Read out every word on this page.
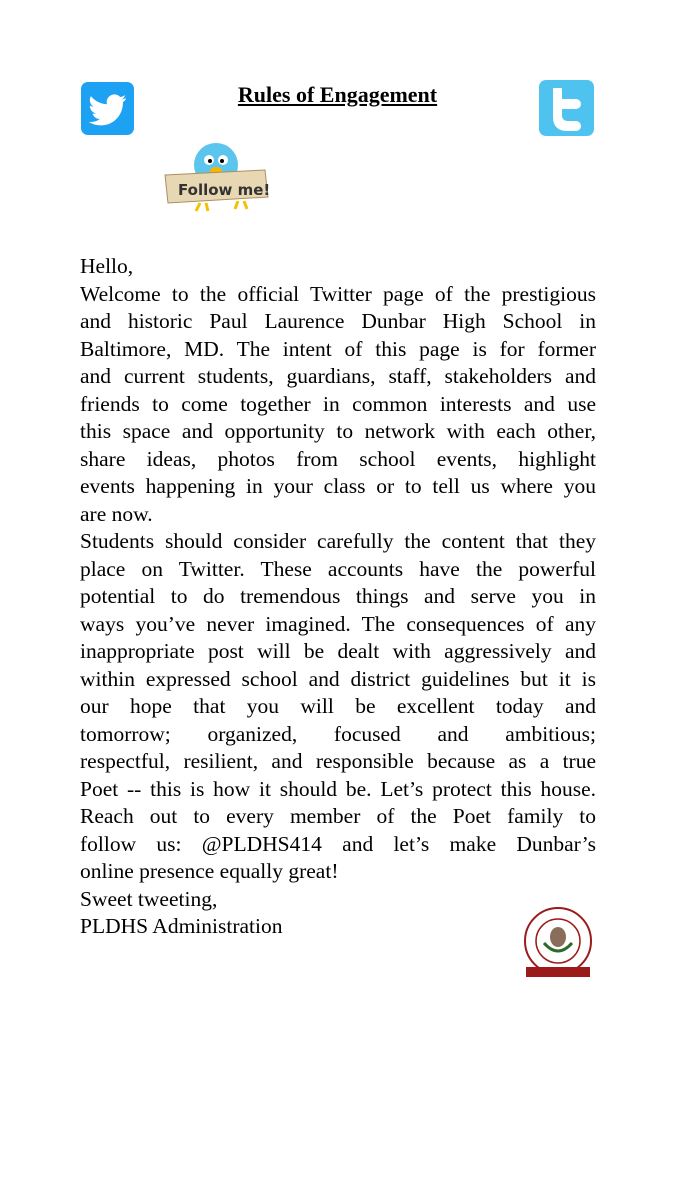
Rules of Engagement
Follow me!
Hello,
Welcome to the official Twitter page of the prestigious
and historic Paul Laurence Dunbar High School in
Baltimore, MD. The intent of this page is for former
and current students, guardians, staff, stakeholders and
friends to come together in common interests and use
this space and opportunity to network with each other,
share ideas, photos from school events, highlight
events happening in your class or to tell us where you
are now.
Students should consider carefully the content that they
place on Twitter. These accounts have the powerful
potential to do tremendous things and serve you in
ways you’ve never imagined. The consequences of any
inappropriate post will be dealt with aggressively and
within expressed school and district guidelines but it is
our hope that you will be excellent today and
tomorrow; organized, focused and ambitious;
respectful, resilient, and responsible because as a true
Poet -- this is how it should be. Let’s protect this house.
Reach out to every member of the Poet family to
follow us: @PLDHS414 and let’s make Dunbar’s
online presence equally great!
Sweet tweeting,
PLDHS Administration
